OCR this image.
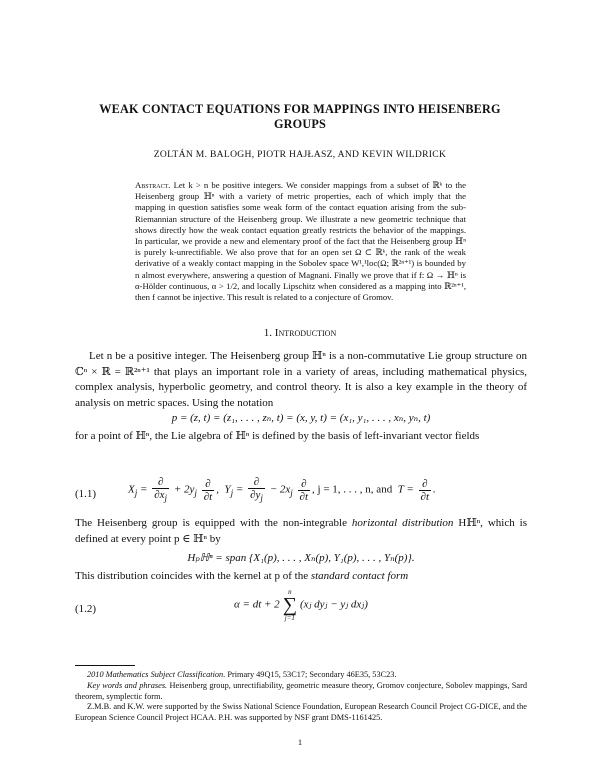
WEAK CONTACT EQUATIONS FOR MAPPINGS INTO HEISENBERG
GROUPS
ZOLTÁN M. BALOGH, PIOTR HAJŁASZ, AND KEVIN WILDRICK
Abstract. Let k > n be positive integers. We consider mappings from a subset of ℝᵏ to the Heisenberg group ℍⁿ with a variety of metric properties, each of which imply that the mapping in question satisfies some weak form of the contact equation arising from the sub-Riemannian structure of the Heisenberg group. We illustrate a new geometric technique that shows directly how the weak contact equation greatly restricts the behavior of the mappings. In particular, we provide a new and elementary proof of the fact that the Heisenberg group ℍⁿ is purely k-unrectifiable. We also prove that for an open set Ω ⊂ ℝᵏ, the rank of the weak derivative of a weakly contact mapping in the Sobolev space W¹,¹loc(Ω; ℝ²ⁿ⁺¹) is bounded by n almost everywhere, answering a question of Magnani. Finally we prove that if f: Ω → ℍⁿ is α-Hölder continuous, α > 1/2, and locally Lipschitz when considered as a mapping into ℝ²ⁿ⁺¹, then f cannot be injective. This result is related to a conjecture of Gromov.
1. Introduction
Let n be a positive integer. The Heisenberg group ℍⁿ is a non-commutative Lie group structure on ℂⁿ × ℝ = ℝ²ⁿ⁺¹ that plays an important role in a variety of areas, including mathematical physics, complex analysis, hyperbolic geometry, and control theory. It is also a key example in the theory of analysis on metric spaces. Using the notation
p = (z, t) = (z₁, . . . , zₙ, t) = (x, y, t) = (x₁, y₁, . . . , xₙ, yₙ, t)
for a point of ℍⁿ, the Lie algebra of ℍⁿ is defined by the basis of left-invariant vector fields
(1.1)	$X_j = \frac{\partial}{\partial x_j} + 2y_j \frac{\partial}{\partial t}$ ,  $Y_j = \frac{\partial}{\partial y_j} - 2x_j \frac{\partial}{\partial t}$ , j = 1, . . . , n, and  $T = \frac{\partial}{\partial t}$ .
The Heisenberg group is equipped with the non-integrable horizontal distribution Hℍⁿ, which is defined at every point p ∈ ℍⁿ by
Hₚℍⁿ = span {X₁(p), . . . , Xₙ(p), Y₁(p), . . . , Yₙ(p)}.
This distribution coincides with the kernel at p of the standard contact form
(1.2)	α = dt + 2
n
∑
j=1
(xⱼ dyⱼ − yⱼ dxⱼ)

2010 Mathematics Subject Classification. Primary 49Q15, 53C17; Secondary 46E35, 53C23.

Key words and phrases. Heisenberg group, unrectifiability, geometric measure theory, Gromov conjecture, Sobolev mappings, Sard theorem, symplectic form.

Z.M.B. and K.W. were supported by the Swiss National Science Foundation, European Research Council Project CG-DICE, and the European Science Council Project HCAA. P.H. was supported by NSF grant DMS-1161425.

1
